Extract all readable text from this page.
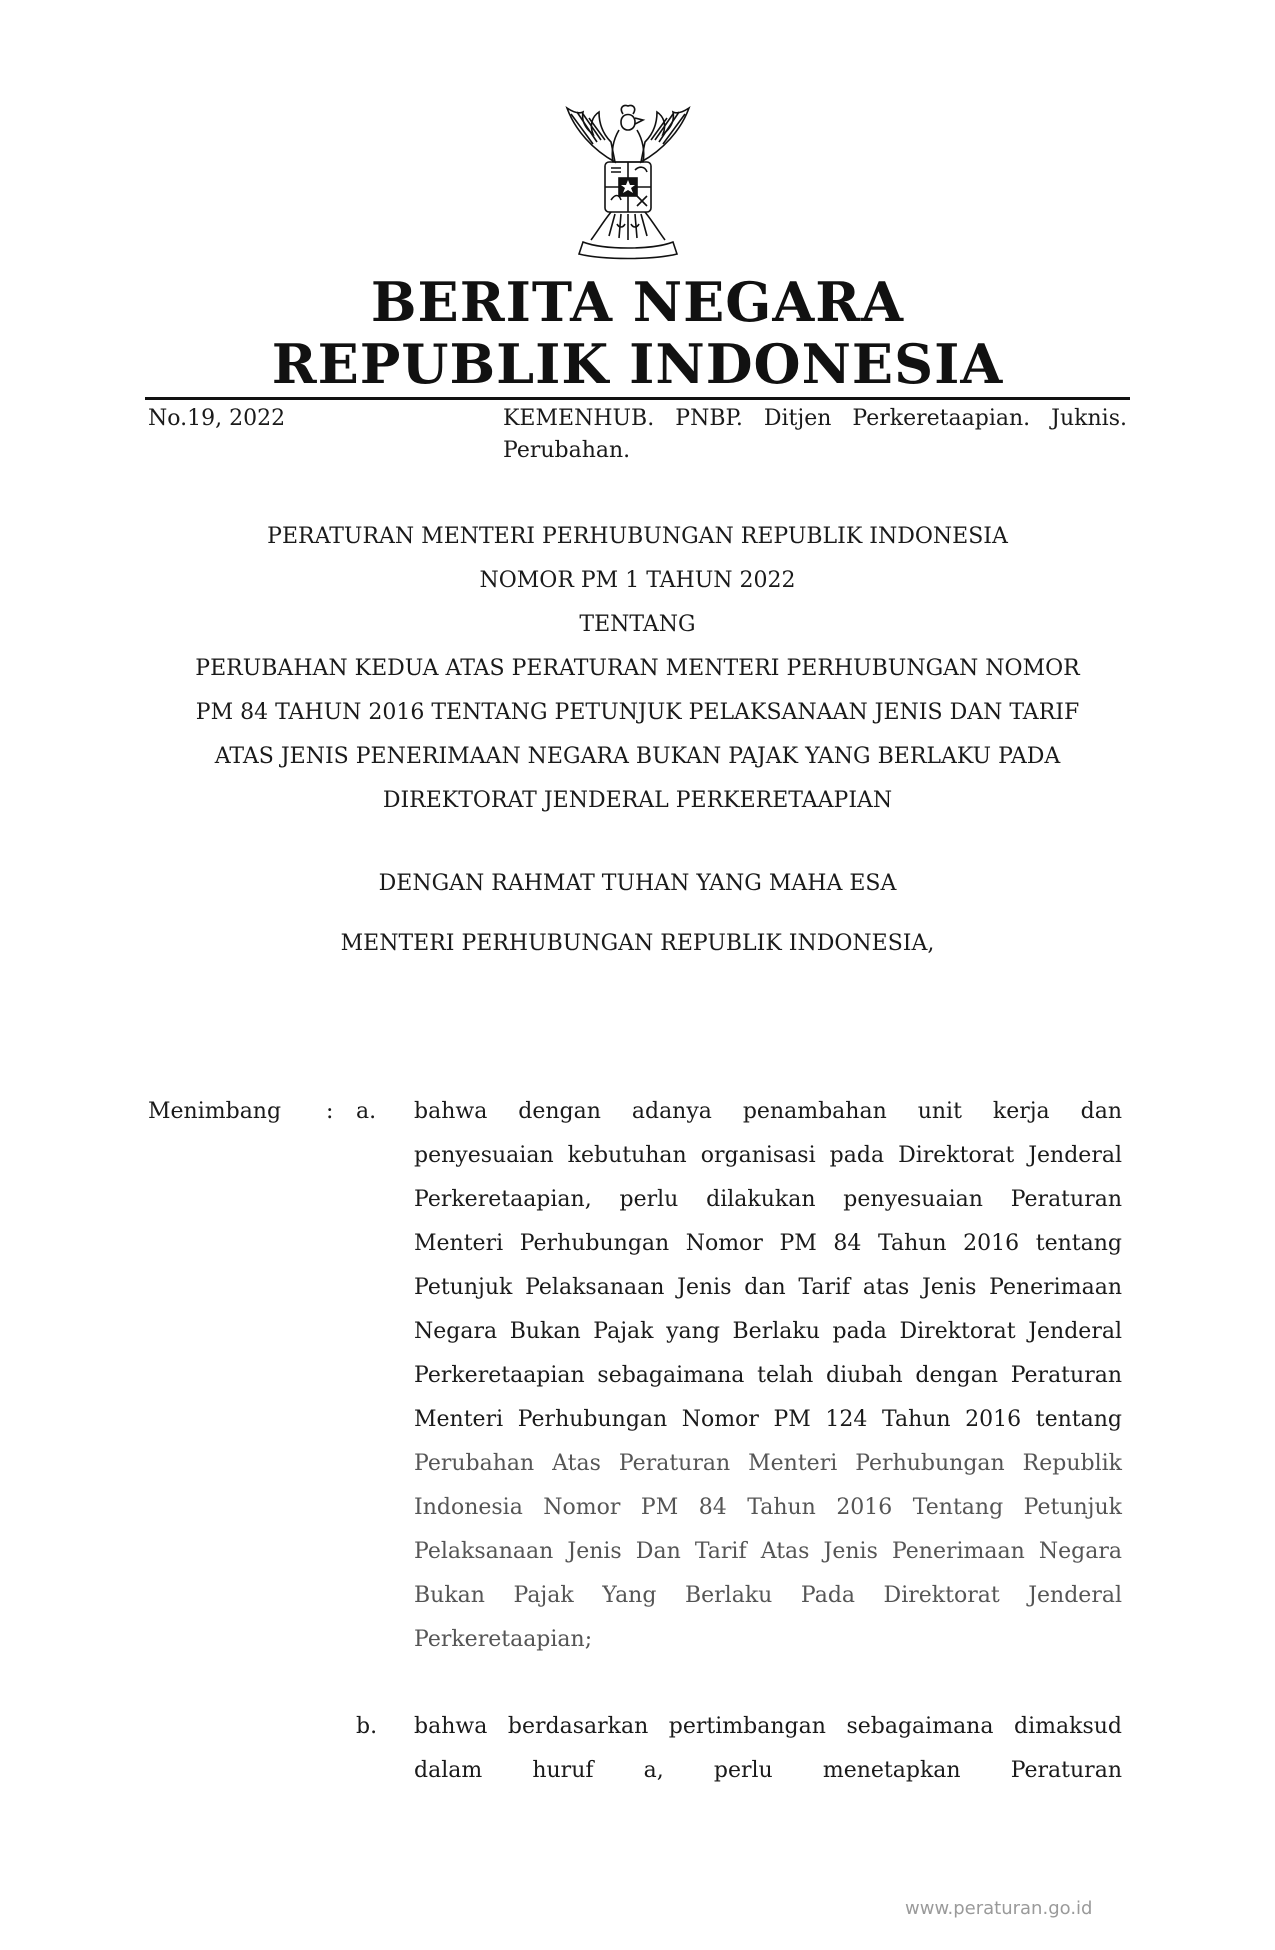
BERITA NEGARA
REPUBLIK INDONESIA
No.19, 2022	KEMENHUB. PNBP. Ditjen Perkeretaapian. Juknis. Perubahan.
PERATURAN MENTERI PERHUBUNGAN REPUBLIK INDONESIA
NOMOR PM 1 TAHUN 2022
TENTANG
PERUBAHAN KEDUA ATAS PERATURAN MENTERI PERHUBUNGAN NOMOR
PM 84 TAHUN 2016 TENTANG PETUNJUK PELAKSANAAN JENIS DAN TARIF
ATAS JENIS PENERIMAAN NEGARA BUKAN PAJAK YANG BERLAKU PADA
DIREKTORAT JENDERAL PERKERETAAPIAN
DENGAN RAHMAT TUHAN YANG MAHA ESA
MENTERI PERHUBUNGAN REPUBLIK INDONESIA,
Menimbang : a. bahwa dengan adanya penambahan unit kerja dan penyesuaian kebutuhan organisasi pada Direktorat Jenderal Perkeretaapian, perlu dilakukan penyesuaian Peraturan Menteri Perhubungan Nomor PM 84 Tahun 2016 tentang Petunjuk Pelaksanaan Jenis dan Tarif atas Jenis Penerimaan Negara Bukan Pajak yang Berlaku pada Direktorat Jenderal Perkeretaapian sebagaimana telah diubah dengan Peraturan Menteri Perhubungan Nomor PM 124 Tahun 2016 tentang Perubahan Atas Peraturan Menteri Perhubungan Republik Indonesia Nomor PM 84 Tahun 2016 Tentang Petunjuk Pelaksanaan Jenis Dan Tarif Atas Jenis Penerimaan Negara Bukan Pajak Yang Berlaku Pada Direktorat Jenderal Perkeretaapian;
b. bahwa berdasarkan pertimbangan sebagaimana dimaksud dalam huruf a, perlu menetapkan Peraturan
www.peraturan.go.id
